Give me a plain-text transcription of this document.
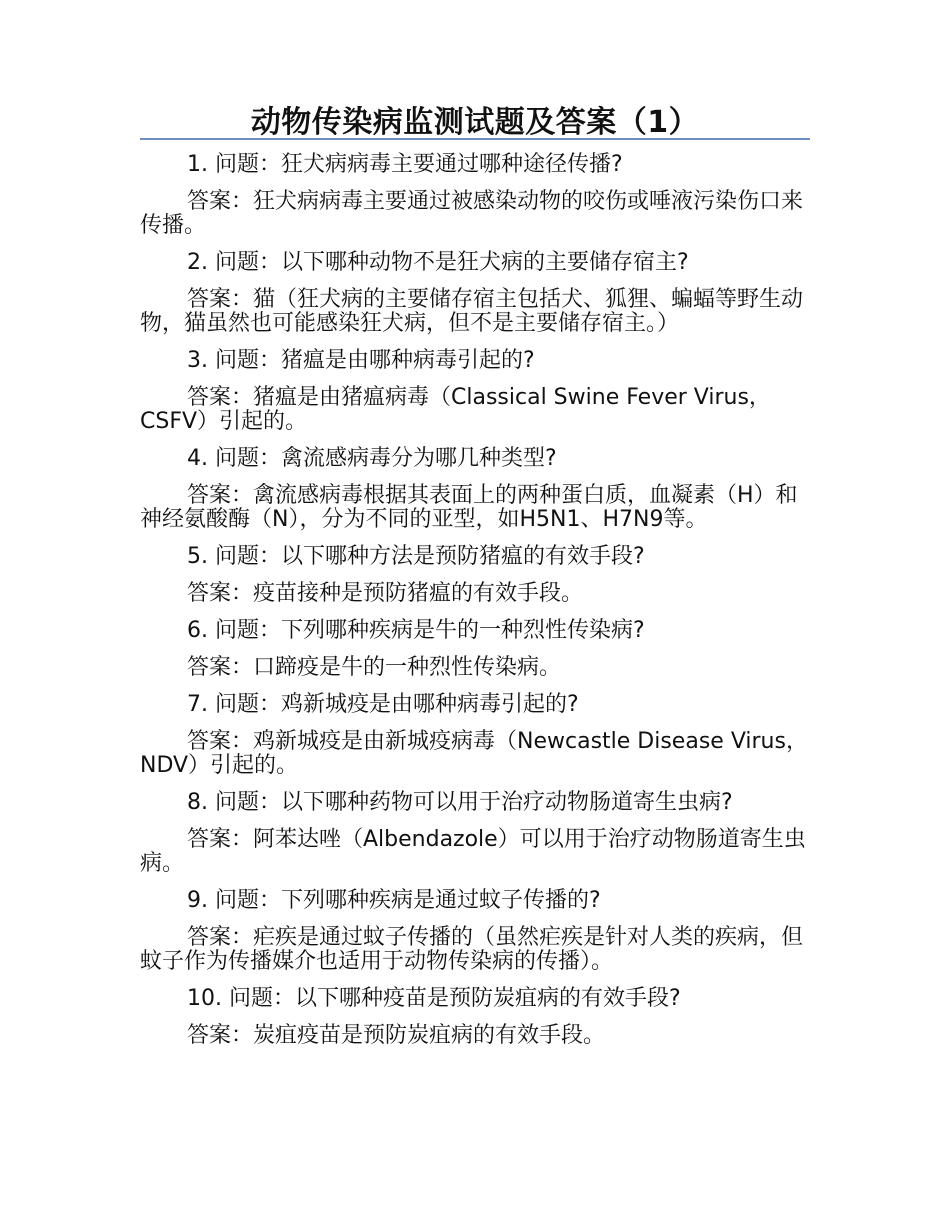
动物传染病监测试题及答案（1）

1. 问题：狂犬病病毒主要通过哪种途径传播?

答案：狂犬病病毒主要通过被感染动物的咬伤或唾液污染伤口来传播。

2. 问题：以下哪种动物不是狂犬病的主要储存宿主?

答案：猫（狂犬病的主要储存宿主包括犬、狐狸、蝙蝠等野生动物，猫虽然也可能感染狂犬病，但不是主要储存宿主。）

3. 问题：猪瘟是由哪种病毒引起的?

答案：猪瘟是由猪瘟病毒（Classical Swine Fever Virus，CSFV）引起的。

4. 问题：禽流感病毒分为哪几种类型?

答案：禽流感病毒根据其表面上的两种蛋白质，血凝素（H）和神经氨酸酶（N），分为不同的亚型，如H5N1、H7N9等。

5. 问题：以下哪种方法是预防猪瘟的有效手段?

答案：疫苗接种是预防猪瘟的有效手段。

6. 问题：下列哪种疾病是牛的一种烈性传染病?

答案：口蹄疫是牛的一种烈性传染病。

7. 问题：鸡新城疫是由哪种病毒引起的?

答案：鸡新城疫是由新城疫病毒（Newcastle Disease Virus，NDV）引起的。

8. 问题：以下哪种药物可以用于治疗动物肠道寄生虫病?

答案：阿苯达唑（Albendazole）可以用于治疗动物肠道寄生虫病。

9. 问题：下列哪种疾病是通过蚊子传播的?

答案：疟疾是通过蚊子传播的（虽然疟疾是针对人类的疾病，但蚊子作为传播媒介也适用于动物传染病的传播）。

10. 问题：以下哪种疫苗是预防炭疽病的有效手段?

答案：炭疽疫苗是预防炭疽病的有效手段。
